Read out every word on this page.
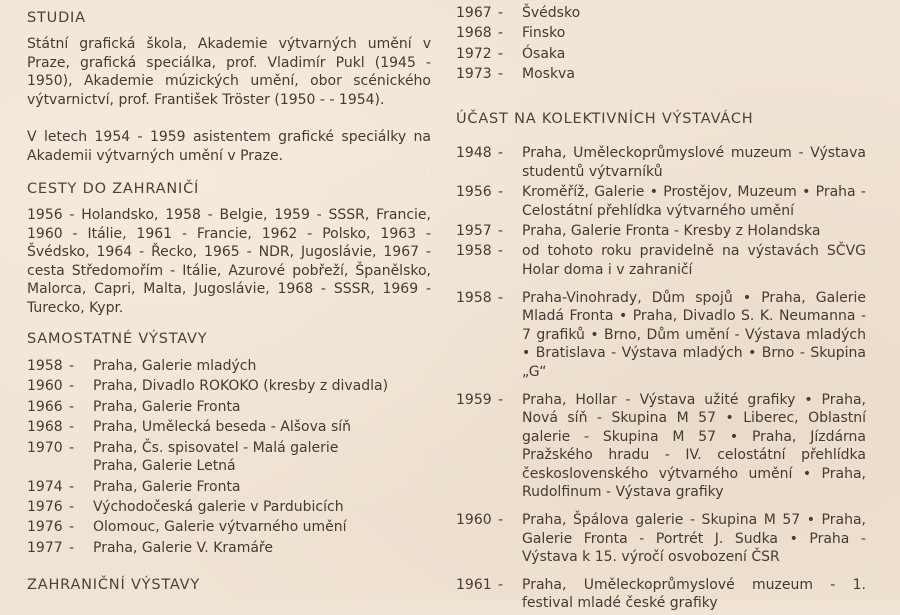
STUDIA
Státní grafická škola, Akademie výtvarných umění v Praze, grafická speciálka, prof. Vladimír Pukl (1945 - 1950), Akademie múzických umění, obor scénického výtvarnictví, prof. František Tröster (1950 - - 1954).
V letech 1954 - 1959 asistentem grafické speciálky na Akademii výtvarných umění v Praze.
CESTY DO ZAHRANIČÍ
1956 - Holandsko, 1958 - Belgie, 1959 - SSSR, Francie, 1960 - Itálie, 1961 - Francie, 1962 - Polsko, 1963 - Švédsko, 1964 - Řecko, 1965 - NDR, Jugoslávie, 1967 - cesta Středomořím - Itálie, Azurové pobřeží, Španělsko, Malorca, Capri, Malta, Jugoslávie, 1968 - SSSR, 1969 - Turecko, Kypr.
SAMOSTATNÉ VÝSTAVY
1958 -	Praha, Galerie mladých
1960 -	Praha, Divadlo ROKOKO (kresby z divadla)
1966 -	Praha, Galerie Fronta
1968 -	Praha, Umělecká beseda - Alšova síň
1970 -	Praha, Čs. spisovatel - Malá galerie
Praha, Galerie Letná
1974 -	Praha, Galerie Fronta
1976 -	Východočeská galerie v Pardubicích
1976 -	Olomouc, Galerie výtvarného umění
1977 -	Praha, Galerie V. Kramáře
ZAHRANIČNÍ VÝSTAVY
1967 -	Švédsko
1968 -	Finsko
1972 -	Ósaka
1973 -	Moskva
ÚČAST NA KOLEKTIVNÍCH VÝSTAVÁCH
1948 -	Praha, Uměleckoprůmyslové muzeum - Výstava studentů výtvarníků
1956 -	Kroměříž, Galerie • Prostějov, Muzeum • Praha - Celostátní přehlídka výtvarného umění
1957 -	Praha, Galerie Fronta - Kresby z Holandska
1958 -	od tohoto roku pravidelně na výstavách SČVG Holar doma i v zahraničí
1958 -	Praha-Vinohrady, Dům spojů • Praha, Galerie Mladá Fronta • Praha, Divadlo S. K. Neumanna - 7 grafiků • Brno, Dům umění - Výstava mladých • Bratislava - Výstava mladých • Brno - Skupina „G“
1959 -	Praha, Hollar - Výstava užité grafiky • Praha, Nová síň - Skupina M 57 • Liberec, Oblastní galerie - Skupina M 57 • Praha, Jízdárna Pražského hradu - IV. celostátní přehlídka československého výtvarného umění • Praha, Rudolfinum - Výstava grafiky
1960 -	Praha, Špálova galerie - Skupina M 57 • Praha, Galerie Fronta - Portrét J. Sudka • Praha - Výstava k 15. výročí osvobození ČSR
1961 -	Praha, Uměleckoprůmyslové muzeum - 1. festival mladé české grafiky
